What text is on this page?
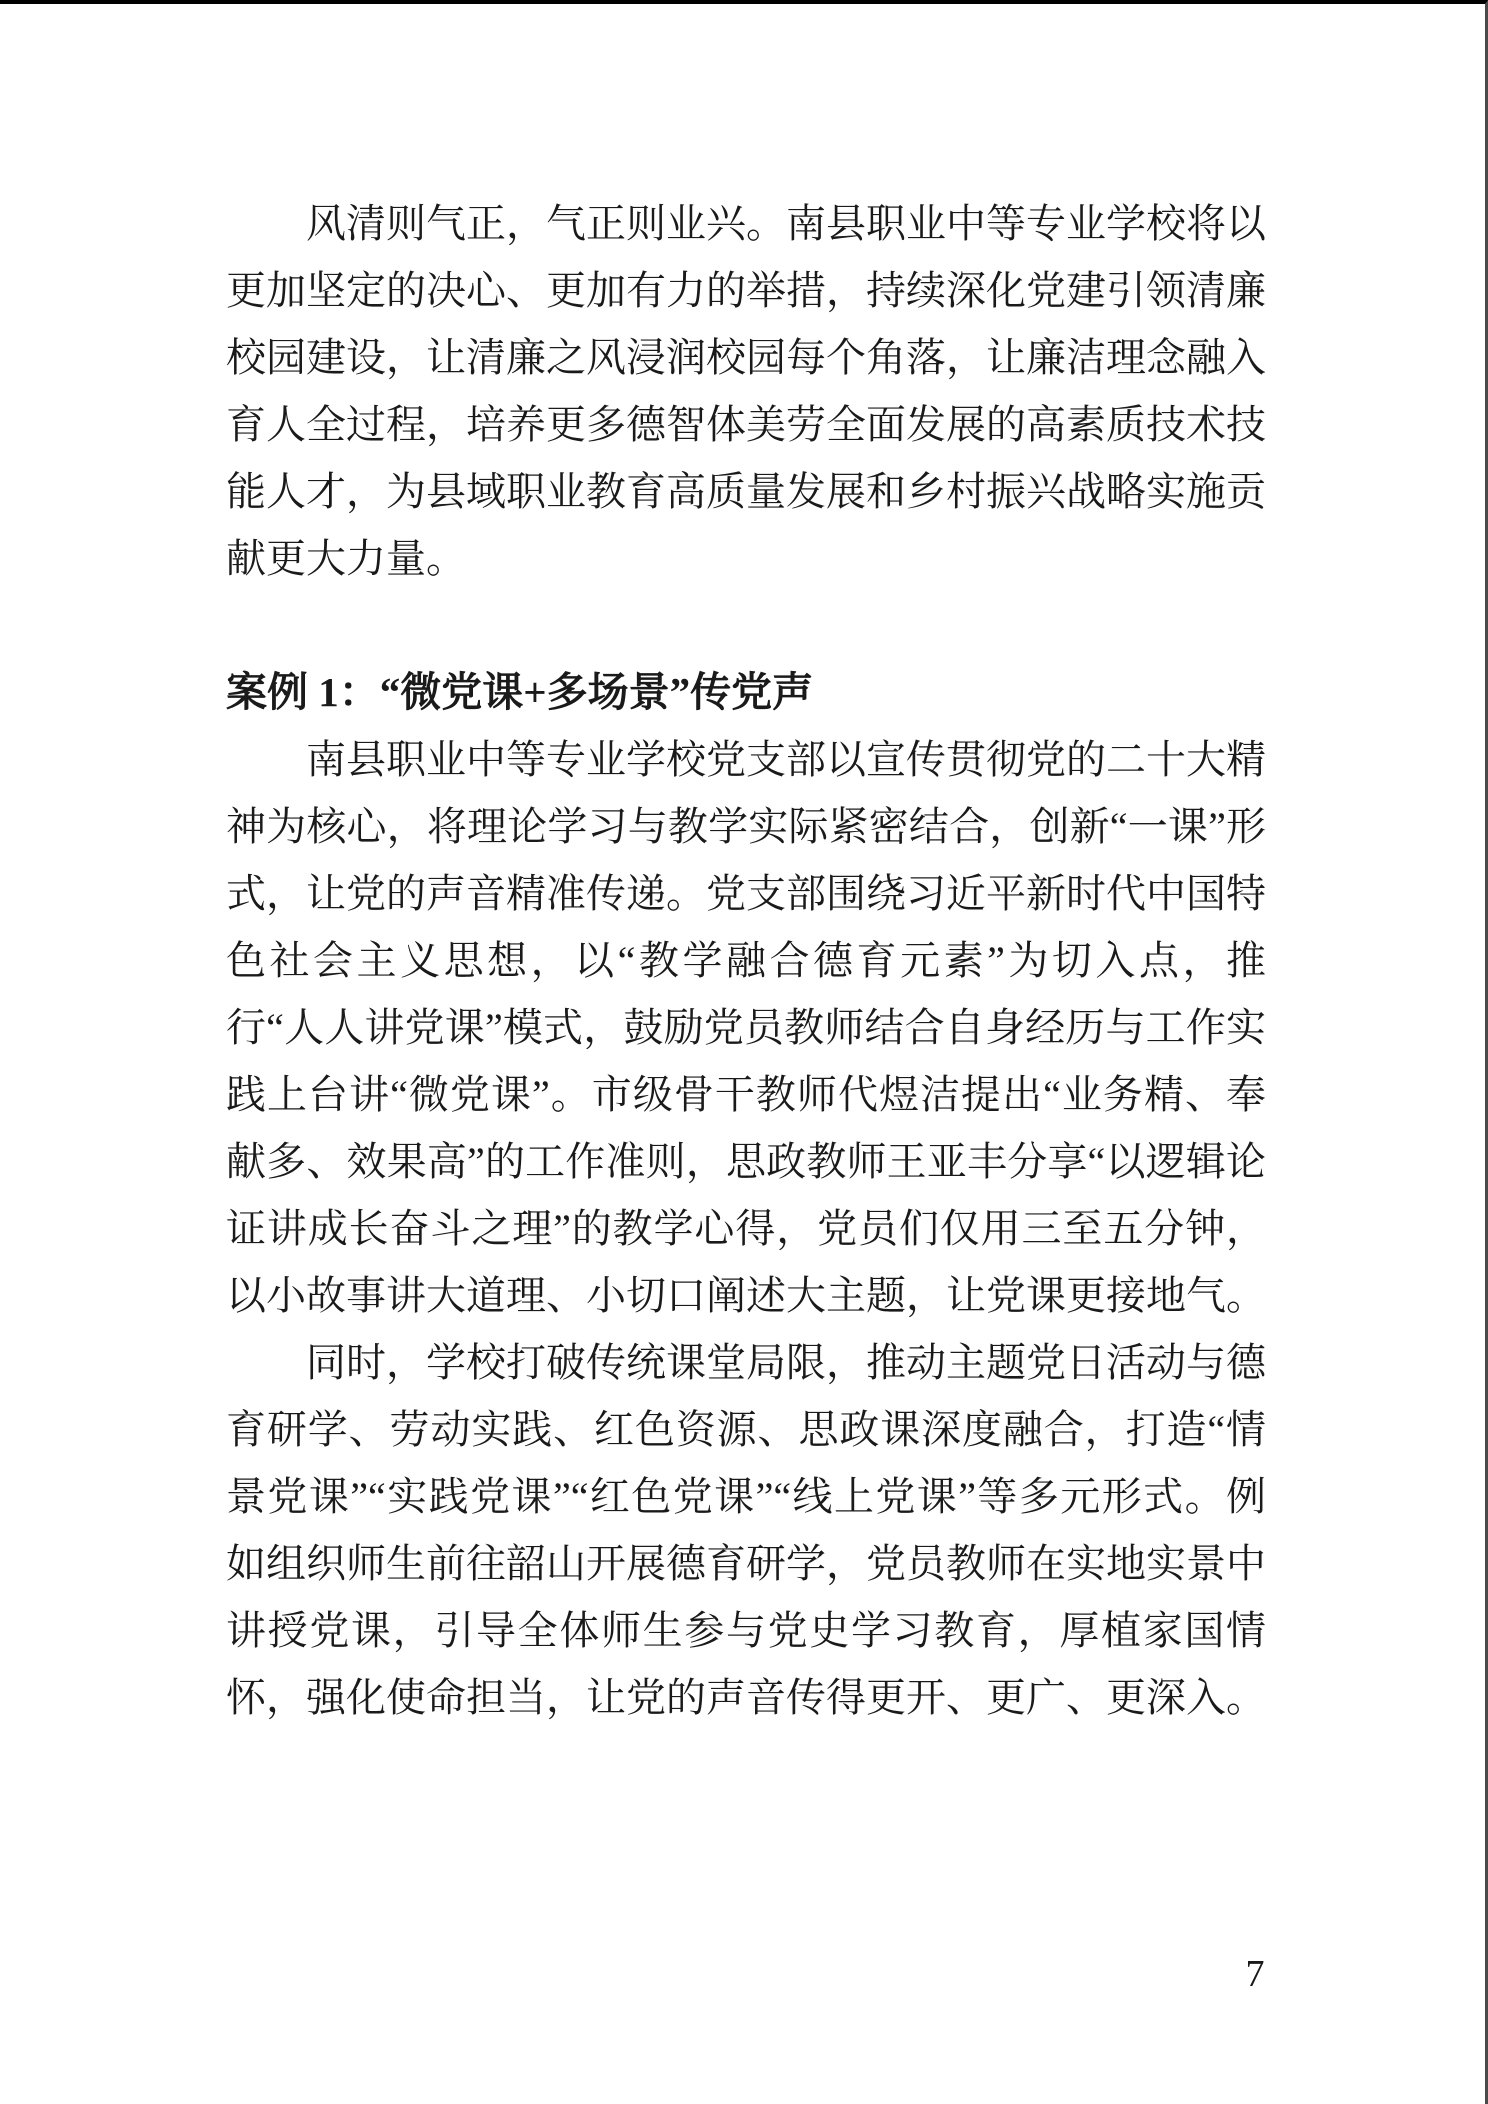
风清则气正，气正则业兴。南县职业中等专业学校将以更加坚定的决心、更加有力的举措，持续深化党建引领清廉校园建设，让清廉之风浸润校园每个角落，让廉洁理念融入育人全过程，培养更多德智体美劳全面发展的高素质技术技能人才，为县域职业教育高质量发展和乡村振兴战略实施贡献更大力量。

案例 1：“微党课+多场景”传党声

南县职业中等专业学校党支部以宣传贯彻党的二十大精神为核心，将理论学习与教学实际紧密结合，创新“一课”形式，让党的声音精准传递。党支部围绕习近平新时代中国特色社会主义思想，以“教学融合德育元素”为切入点，推行“人人讲党课”模式，鼓励党员教师结合自身经历与工作实践上台讲“微党课”。市级骨干教师代煜洁提出“业务精、奉献多、效果高”的工作准则，思政教师王亚丰分享“以逻辑论证讲成长奋斗之理”的教学心得，党员们仅用三至五分钟，以小故事讲大道理、小切口阐述大主题，让党课更接地气。

同时，学校打破传统课堂局限，推动主题党日活动与德育研学、劳动实践、红色资源、思政课深度融合，打造“情景党课”“实践党课”“红色党课”“线上党课”等多元形式。例如组织师生前往韶山开展德育研学，党员教师在实地实景中讲授党课，引导全体师生参与党史学习教育，厚植家国情怀，强化使命担当，让党的声音传得更开、更广、更深入。

7
